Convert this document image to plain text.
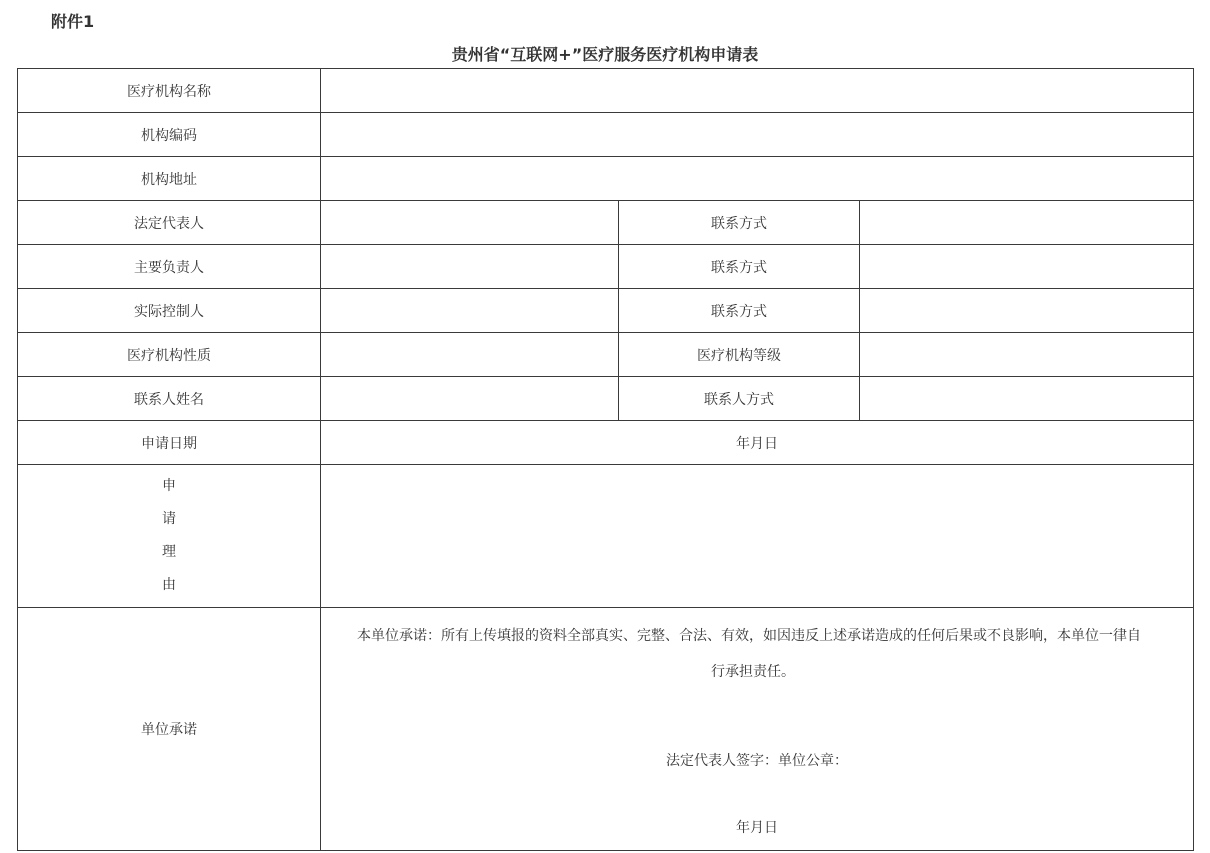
附件1
贵州省“互联网+”医疗服务医疗机构申请表
医疗机构名称			
机构编码			
机构地址			
法定代表人		联系方式	
主要负责人		联系方式	
实际控制人		联系方式	
医疗机构性质		医疗机构等级	
联系人姓名		联系人方式	
申请日期	年月日		

申
请
理
由			

单位承诺	本单位承诺：所有上传填报的资料全部真实、完整、合法、有效，如因违反上述承诺造成的任何后果或不良影响，本单位一律自
行承担责任。
法定代表人签字：单位公章：
年月日		
